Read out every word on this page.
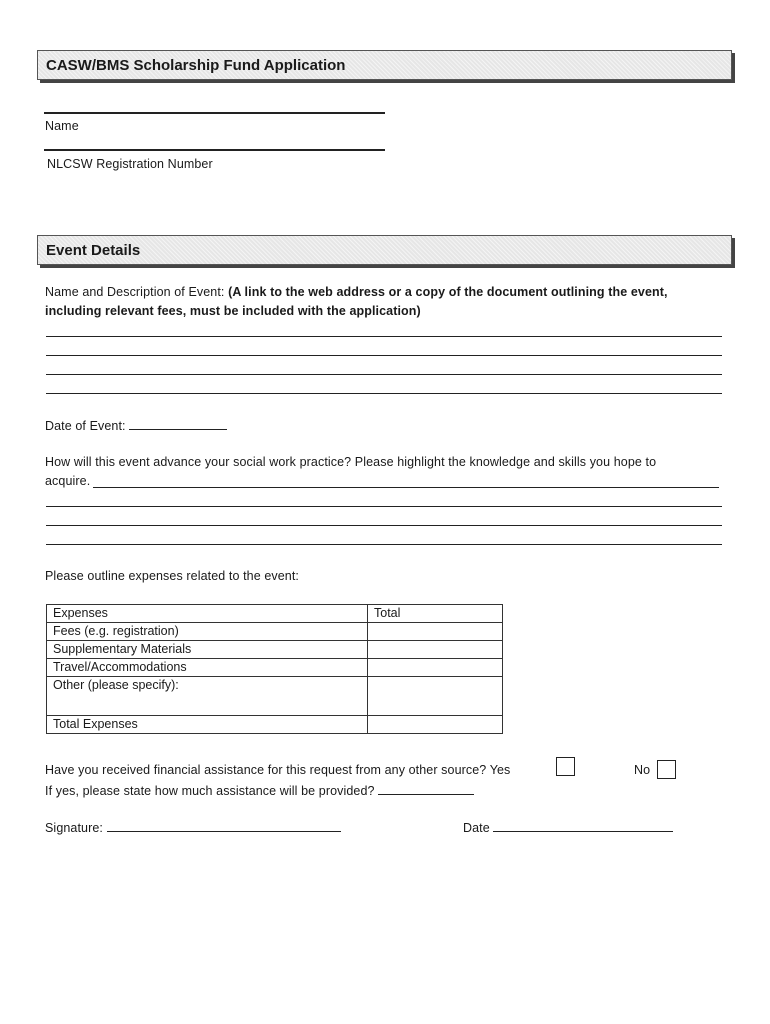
CASW/BMS Scholarship Fund Application
Name
NLCSW Registration Number
Event Details
Name and Description of Event: (A link to the web address or a copy of the document outlining the event,
including relevant fees, must be included with the application)
Date of Event:
How will this event advance your social work practice? Please highlight the knowledge and skills you hope to
acquire.
Please outline expenses related to the event:
Expenses	Total
Fees (e.g. registration)	
Supplementary Materials	
Travel/Accommodations	
Other (please specify):	
Total Expenses	
Have you received financial assistance for this request from any other source? Yes	No
If yes, please state how much assistance will be provided?
Signature:	Date
